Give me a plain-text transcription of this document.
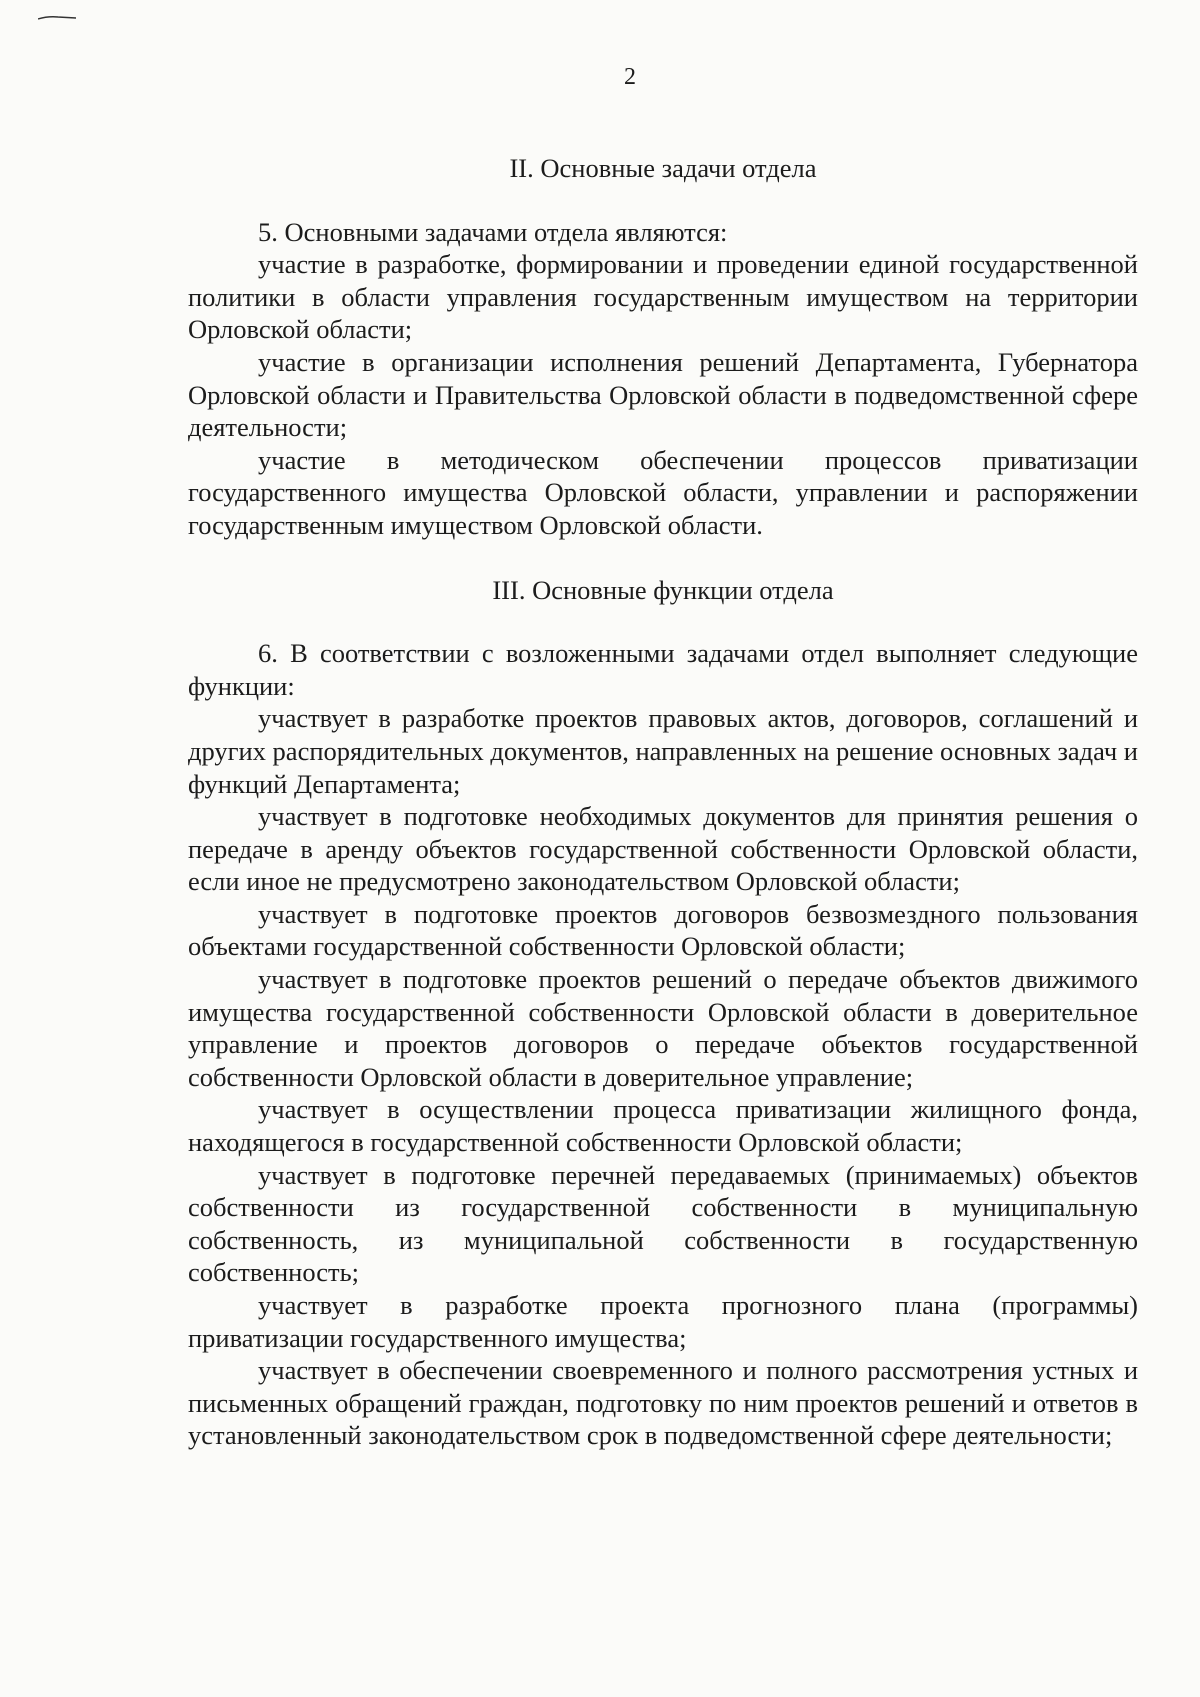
2
II. Основные задачи отдела

5. Основными задачами отдела являются:

участие в разработке, формировании и проведении единой государственной политики в области управления государственным имуществом на территории Орловской области;

участие в организации исполнения решений Департамента, Губернатора Орловской области и Правительства Орловской области в подведомственной сфере деятельности;

участие в методическом обеспечении процессов приватизации государственного имущества Орловской области, управлении и распоряжении государственным имуществом Орловской области.

III. Основные функции отдела

6. В соответствии с возложенными задачами отдел выполняет следующие функции:

участвует в разработке проектов правовых актов, договоров, соглашений и других распорядительных документов, направленных на решение основных задач и функций Департамента;

участвует в подготовке необходимых документов для принятия решения о передаче в аренду объектов государственной собственности Орловской области, если иное не предусмотрено законодательством Орловской области;

участвует в подготовке проектов договоров безвозмездного пользования объектами государственной собственности Орловской области;

участвует в подготовке проектов решений о передаче объектов движимого имущества государственной собственности Орловской области в доверительное управление и проектов договоров о передаче объектов государственной собственности Орловской области в доверительное управление;

участвует в осуществлении процесса приватизации жилищного фонда, находящегося в государственной собственности Орловской области;

участвует в подготовке перечней передаваемых (принимаемых) объектов собственности из государственной собственности в муниципальную собственность, из муниципальной собственности в государственную собственность;

участвует в разработке проекта прогнозного плана (программы) приватизации государственного имущества;

участвует в обеспечении своевременного и полного рассмотрения устных и письменных обращений граждан, подготовку по ним проектов решений и ответов в установленный законодательством срок в подведомственной сфере деятельности;
